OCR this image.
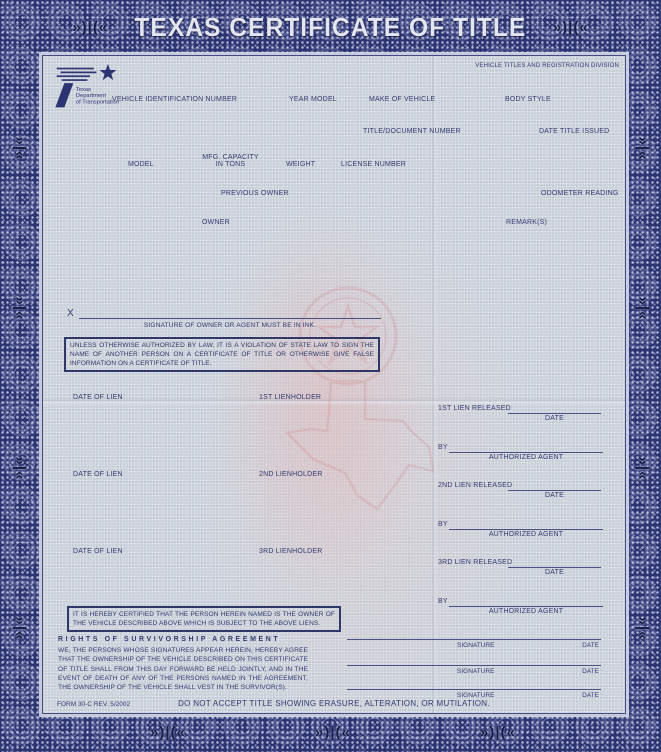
»)|(« TEXAS CERTIFICATE OF TITLE »)|(«
»|«
»|«
»|«
»|«
»|«
»|«
»|«
»|«
»)|(«	»)|(«	»)|(«
Texas
Department
of Transportation
VEHICLE TITLES AND REGISTRATION DIVISION
VEHICLE IDENTIFICATION NUMBER	YEAR MODEL	MAKE OF VEHICLE	BODY STYLE
TITLE/DOCUMENT NUMBER	DATE TITLE ISSUED
MODEL
MFG. CAPACITY
IN TONS	WEIGHT	LICENSE NUMBER
PREVIOUS OWNER	ODOMETER READING
OWNER	REMARK(S)
X
SIGNATURE OF OWNER OR AGENT MUST BE IN INK.
UNLESS OTHERWISE AUTHORIZED BY LAW, IT IS A VIOLATION OF STATE LAW TO SIGN THE NAME OF ANOTHER PERSON ON A CERTIFICATE OF TITLE OR OTHERWISE GIVE FALSE INFORMATION ON A CERTIFICATE OF TITLE.
DATE OF LIEN	1ST LIENHOLDER
1ST LIEN RELEASED
DATE
BY
AUTHORIZED AGENT
DATE OF LIEN	2ND LIENHOLDER
2ND LIEN RELEASED
DATE
BY
AUTHORIZED AGENT
DATE OF LIEN	3RD LIENHOLDER
3RD LIEN RELEASED
DATE
BY
AUTHORIZED AGENT
IT IS HEREBY CERTIFIED THAT THE PERSON HEREIN NAMED IS THE OWNER OF THE VEHICLE DESCRIBED ABOVE WHICH IS SUBJECT TO THE ABOVE LIENS.
RIGHTS OF SURVIVORSHIP AGREEMENT
WE, THE PERSONS WHOSE SIGNATURES APPEAR HEREIN, HEREBY AGREE THAT THE OWNERSHIP OF THE VEHICLE DESCRIBED ON THIS CERTIFICATE OF TITLE SHALL FROM THIS DAY FORWARD BE HELD JOINTLY, AND IN THE EVENT OF DEATH OF ANY OF THE PERSONS NAMED IN THE AGREEMENT, THE OWNERSHIP OF THE VEHICLE SHALL VEST IN THE SURVIVOR(S).
SIGNATURE	DATE
SIGNATURE	DATE
SIGNATURE	DATE
FORM 30-C REV. 5/2002	DO NOT ACCEPT TITLE SHOWING ERASURE, ALTERATION, OR MUTILATION.
